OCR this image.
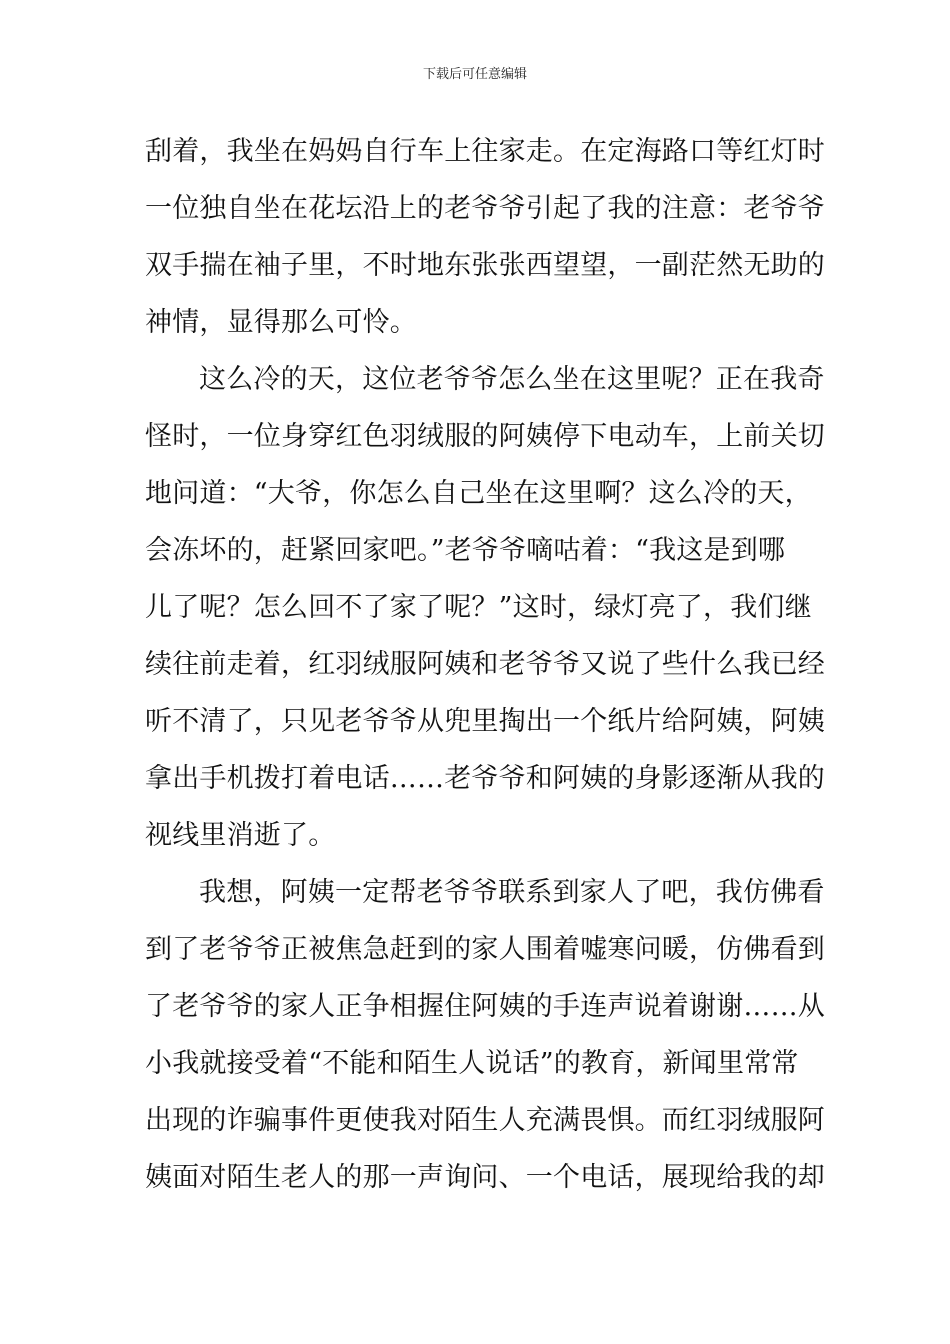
下载后可任意编辑
刮着，我坐在妈妈自行车上往家走。在定海路口等红灯时
一位独自坐在花坛沿上的老爷爷引起了我的注意：老爷爷
双手揣在袖子里，不时地东张张西望望，一副茫然无助的
神情，显得那么可怜。
这么冷的天，这位老爷爷怎么坐在这里呢？正在我奇
怪时，一位身穿红色羽绒服的阿姨停下电动车，上前关切
地问道：“大爷，你怎么自己坐在这里啊？这么冷的天，
会冻坏的，赶紧回家吧。”老爷爷嘀咕着：“我这是到哪
儿了呢？怎么回不了家了呢？”这时，绿灯亮了，我们继
续往前走着，红羽绒服阿姨和老爷爷又说了些什么我已经
听不清了，只见老爷爷从兜里掏出一个纸片给阿姨，阿姨
拿出手机拨打着电话……老爷爷和阿姨的身影逐渐从我的
视线里消逝了。
我想，阿姨一定帮老爷爷联系到家人了吧，我仿佛看
到了老爷爷正被焦急赶到的家人围着嘘寒问暖，仿佛看到
了老爷爷的家人正争相握住阿姨的手连声说着谢谢……从
小我就接受着“不能和陌生人说话”的教育，新闻里常常
出现的诈骗事件更使我对陌生人充满畏惧。而红羽绒服阿
姨面对陌生老人的那一声询问、一个电话，展现给我的却
